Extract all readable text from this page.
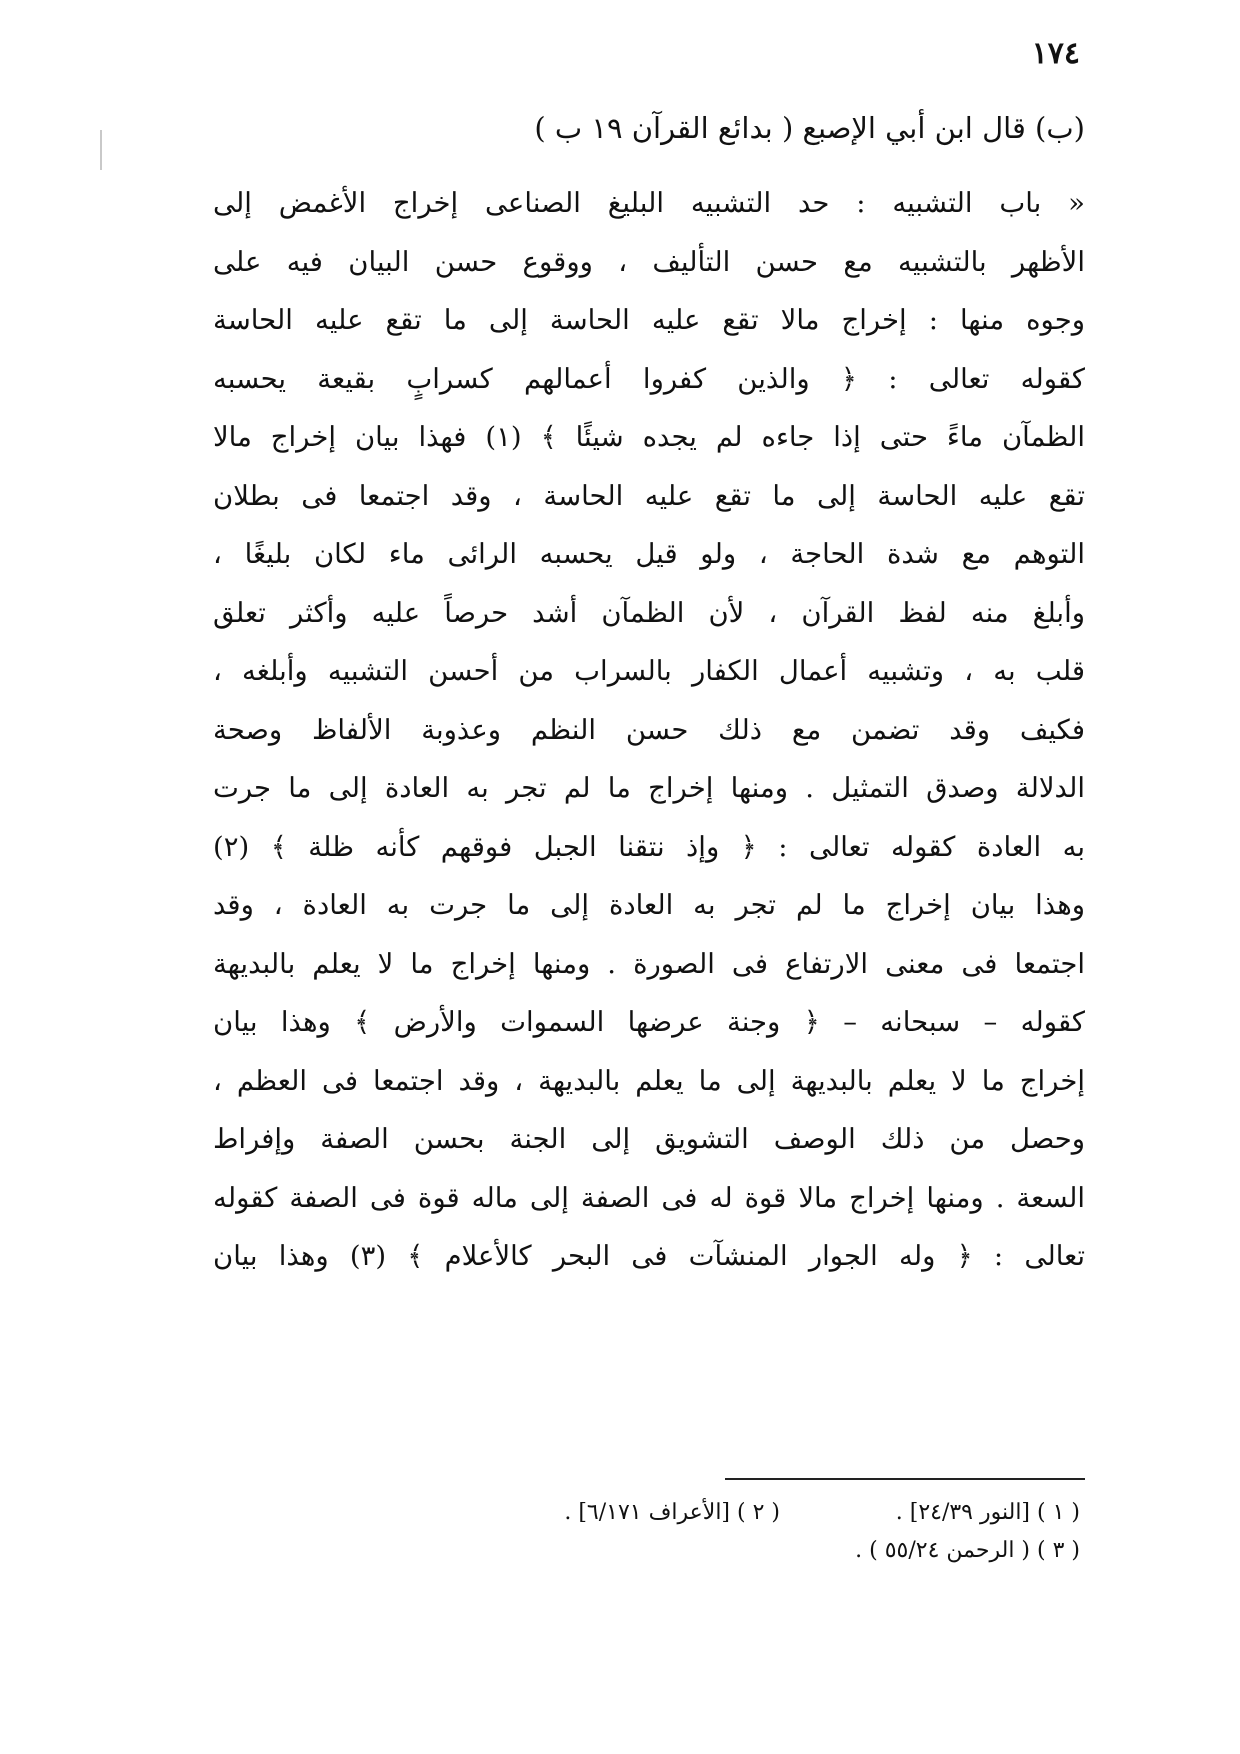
١٧٤
(ب) قال ابن أبي الإصبع ( بدائع القرآن ١٩ ب )
« باب التشبيه : حد التشبيه البليغ الصناعى إخراج الأغمض إلى
الأظهر بالتشبيه مع حسن التأليف ، ووقوع حسن البيان فيه على
وجوه منها : إخراج مالا تقع عليه الحاسة إلى ما تقع عليه الحاسة
كقوله تعالى : ﴿ والذين كفروا أعمالهم كسرابٍ بقيعة يحسبه
الظمآن ماءً حتى إذا جاءه لم يجده شيئًا ﴾ (١) فهذا بيان إخراج مالا
تقع عليه الحاسة إلى ما تقع عليه الحاسة ، وقد اجتمعا فى بطلان
التوهم مع شدة الحاجة ، ولو قيل يحسبه الرائى ماء لكان بليغًا ،
وأبلغ منه لفظ القرآن ، لأن الظمآن أشد حرصاً عليه وأكثر تعلق
قلب به ، وتشبيه أعمال الكفار بالسراب من أحسن التشبيه وأبلغه ،
فكيف وقد تضمن مع ذلك حسن النظم وعذوبة الألفاظ وصحة
الدلالة وصدق التمثيل . ومنها إخراج ما لم تجر به العادة إلى ما جرت
به العادة كقوله تعالى : ﴿ وإذ نتقنا الجبل فوقهم كأنه ظلة ﴾ (٢)
وهذا بيان إخراج ما لم تجر به العادة إلى ما جرت به العادة ، وقد
اجتمعا فى معنى الارتفاع فى الصورة . ومنها إخراج ما لا يعلم بالبديهة
كقوله – سبحانه – ﴿ وجنة عرضها السموات والأرض ﴾ وهذا بيان
إخراج ما لا يعلم بالبديهة إلى ما يعلم بالبديهة ، وقد اجتمعا فى العظم ،
وحصل من ذلك الوصف التشويق إلى الجنة بحسن الصفة وإفراط
السعة . ومنها إخراج مالا قوة له فى الصفة إلى ماله قوة فى الصفة كقوله
تعالى : ﴿ وله الجوار المنشآت فى البحر كالأعلام ﴾ (٣) وهذا بيان
( ١ ) [النور ٢٤/٣٩] .
( ٢ ) [الأعراف ٦/١٧١] .
( ٣ ) ( الرحمن ٥٥/٢٤ ) .
